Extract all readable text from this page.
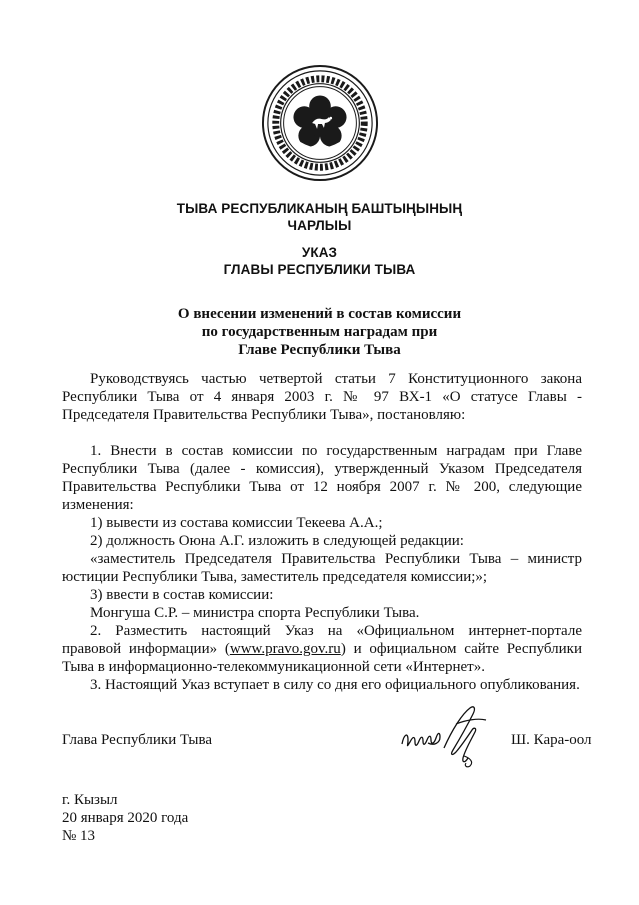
ТЫВА РЕСПУБЛИКАНЫҢ БАШТЫҢЫНЫҢ
ЧАРЛЫЫ
УКАЗ
ГЛАВЫ РЕСПУБЛИКИ ТЫВА
О внесении изменений в состав комиссии
по государственным наградам при
Главе Республики Тыва

Руководствуясь частью четвертой статьи 7 Конституционного закона Республики Тыва от 4 января 2003 г. № 97 ВХ-1 «О статусе Главы - Председателя Правительства Республики Тыва», постановляю:

1. Внести в состав комиссии по государственным наградам при Главе Республики Тыва (далее - комиссия), утвержденный Указом Председателя Правительства Республики Тыва от 12 ноября 2007 г. № 200, следующие изменения:

1) вывести из состава комиссии Текеева А.А.;

2) должность Оюна А.Г. изложить в следующей редакции:

«заместитель Председателя Правительства Республики Тыва – министр юстиции Республики Тыва, заместитель председателя комиссии;»;

3) ввести в состав комиссии:

Монгуша С.Р. – министра спорта Республики Тыва.

2. Разместить настоящий Указ на «Официальном интернет-портале правовой информации» (www.pravo.gov.ru) и официальном сайте Республики Тыва в информационно-телекоммуникационной сети «Интернет».

3. Настоящий Указ вступает в силу со дня его официального опубликования.

Глава Республики Тыва	Ш. Кара-оол
г. Кызыл
20 января 2020 года
№ 13
